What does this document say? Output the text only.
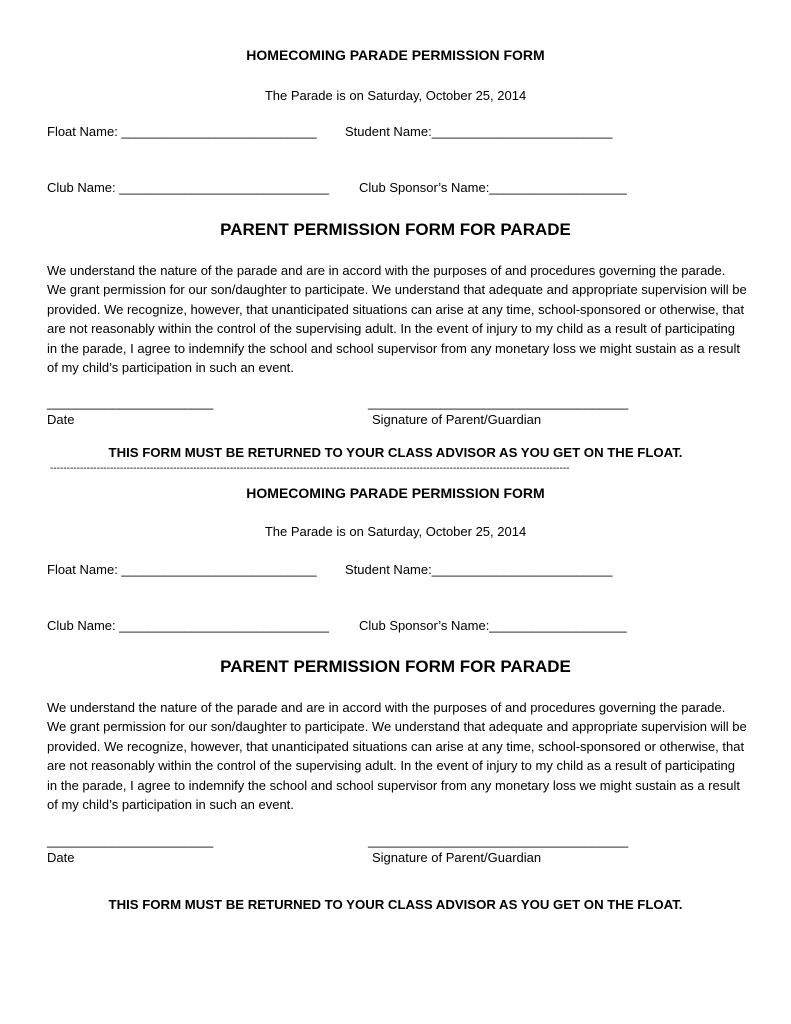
HOMECOMING PARADE PERMISSION FORM
The Parade is on Saturday, October 25, 2014
Float Name: ___________________________ Student Name:_________________________
Club Name: _____________________________ Club Sponsor’s Name:___________________
PARENT PERMISSION FORM FOR PARADE
We understand the nature of the parade and are in accord with the purposes of and procedures governing the parade. We grant permission for our son/daughter to participate. We understand that adequate and appropriate supervision will be provided. We recognize, however, that unanticipated situations can arise at any time, school-sponsored or otherwise, that are not reasonably within the control of the supervising adult. In the event of injury to my child as a result of participating in the parade, I agree to indemnify the school and school supervisor from any monetary loss we might sustain as a result of my child’s participation in such an event.
_______________________	____________________________________
Date	Signature of Parent/Guardian
THIS FORM MUST BE RETURNED TO YOUR CLASS ADVISOR AS YOU GET ON THE FLOAT.
------------------------------------------------------------------------------------------------------------------------------------------------------------
HOMECOMING PARADE PERMISSION FORM
The Parade is on Saturday, October 25, 2014
Float Name: ___________________________ Student Name:_________________________
Club Name: _____________________________ Club Sponsor’s Name:___________________
PARENT PERMISSION FORM FOR PARADE
We understand the nature of the parade and are in accord with the purposes of and procedures governing the parade. We grant permission for our son/daughter to participate. We understand that adequate and appropriate supervision will be provided. We recognize, however, that unanticipated situations can arise at any time, school-sponsored or otherwise, that are not reasonably within the control of the supervising adult. In the event of injury to my child as a result of participating in the parade, I agree to indemnify the school and school supervisor from any monetary loss we might sustain as a result of my child’s participation in such an event.
_______________________	____________________________________
Date	Signature of Parent/Guardian
THIS FORM MUST BE RETURNED TO YOUR CLASS ADVISOR AS YOU GET ON THE FLOAT.
